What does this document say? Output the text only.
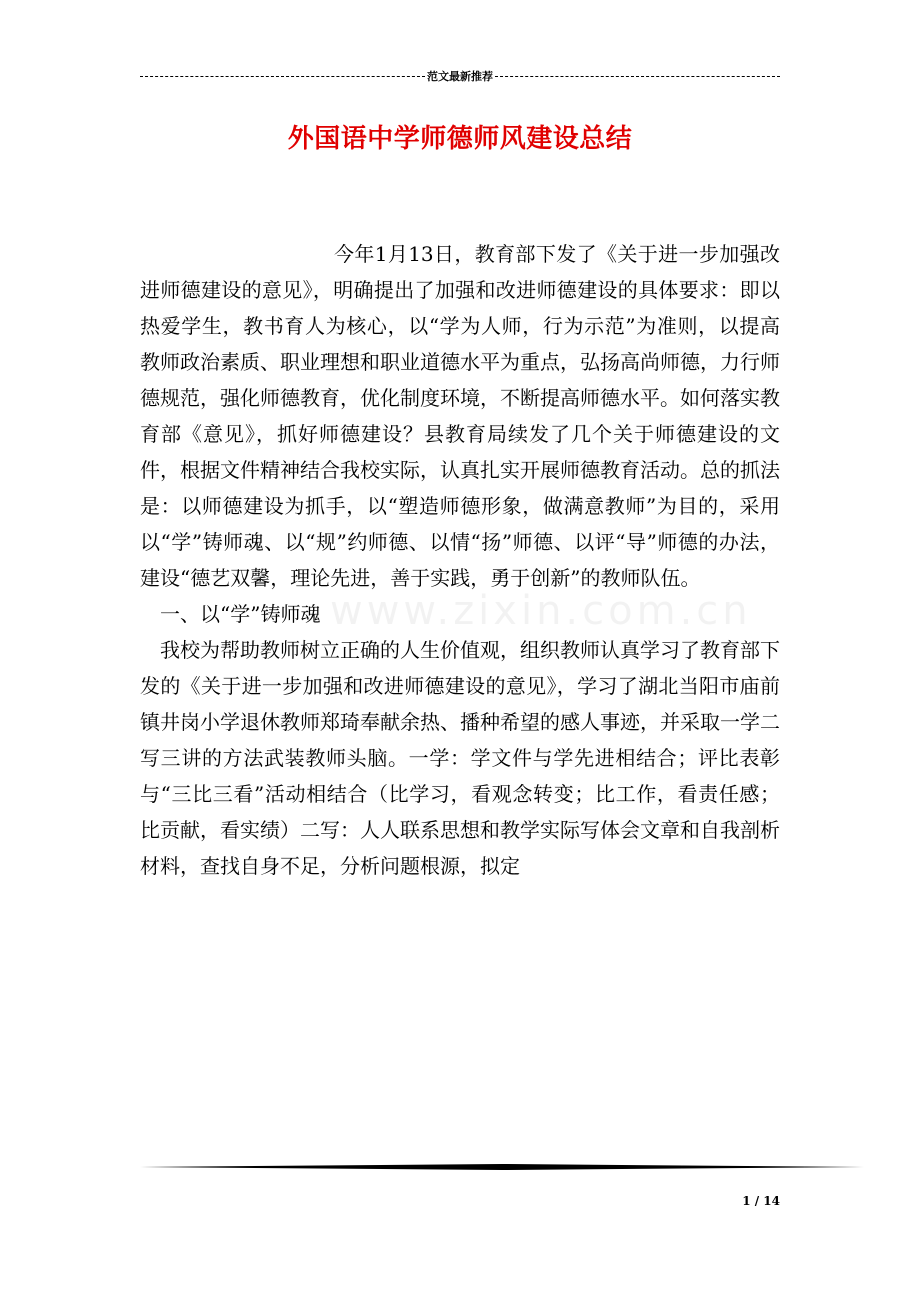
范文最新推荐
外国语中学师德师风建设总结
www.zixin.com.cn

今年1月13日，教育部下发了《关于进一步加强改进师德建设的意见》，明确提出了加强和改进师德建设的具体要求：即以热爱学生，教书育人为核心，以“学为人师，行为示范”为准则，以提高教师政治素质、职业理想和职业道德水平为重点，弘扬高尚师德，力行师德规范，强化师德教育，优化制度环境，不断提高师德水平。如何落实教育部《意见》，抓好师德建设？县教育局续发了几个关于师德建设的文件，根据文件精神结合我校实际，认真扎实开展师德教育活动。总的抓法是：以师德建设为抓手，以“塑造师德形象，做满意教师”为目的，采用以“学”铸师魂、以“规”约师德、以情“扬”师德、以评“导”师德的办法，建设“德艺双馨，理论先进，善于实践，勇于创新”的教师队伍。

一、以“学”铸师魂

我校为帮助教师树立正确的人生价值观，组织教师认真学习了教育部下发的《关于进一步加强和改进师德建设的意见》，学习了湖北当阳市庙前镇井岗小学退休教师郑琦奉献余热、播种希望的感人事迹，并采取一学二写三讲的方法武装教师头脑。一学：学文件与学先进相结合；评比表彰与“三比三看”活动相结合（比学习，看观念转变；比工作，看责任感；比贡献，看实绩）二写：人人联系思想和教学实际写体会文章和自我剖析材料，查找自身不足，分析问题根源，拟定

1 / 14
